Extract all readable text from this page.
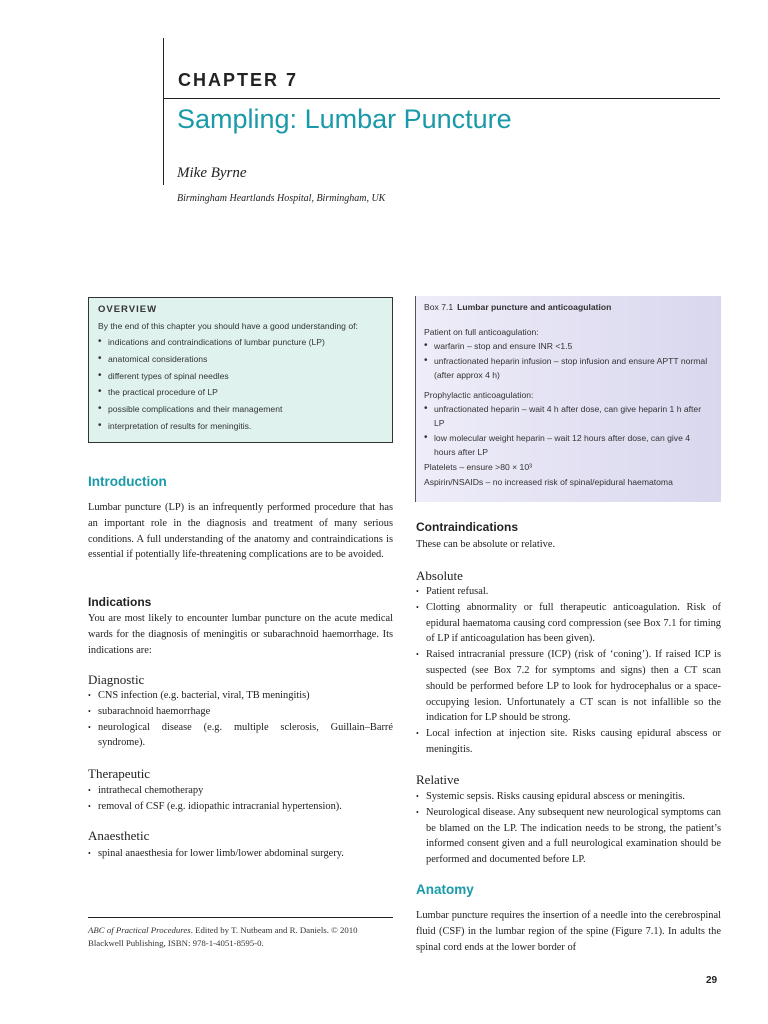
CHAPTER 7
Sampling: Lumbar Puncture
Mike Byrne
Birmingham Heartlands Hospital, Birmingham, UK
OVERVIEW
By the end of this chapter you should have a good understanding of:
• indications and contraindications of lumbar puncture (LP)
• anatomical considerations
• different types of spinal needles
• the practical procedure of LP
• possible complications and their management
• interpretation of results for meningitis.
Box 7.1 Lumbar puncture and anticoagulation
Patient on full anticoagulation:
• warfarin – stop and ensure INR <1.5
• unfractionated heparin infusion – stop infusion and ensure APTT normal (after approx 4 h)
Prophylactic anticoagulation:
• unfractionated heparin – wait 4 h after dose, can give heparin 1 h after LP
• low molecular weight heparin – wait 12 hours after dose, can give 4 hours after LP
Platelets – ensure >80 × 10³
Aspirin/NSAIDs – no increased risk of spinal/epidural haematoma
Introduction
Lumbar puncture (LP) is an infrequently performed procedure that has an important role in the diagnosis and treatment of many serious conditions. A full understanding of the anatomy and contraindications is essential if potentially life-threatening complications are to be avoided.
Indications
You are most likely to encounter lumbar puncture on the acute medical wards for the diagnosis of meningitis or subarachnoid haemorrhage. Its indications are:
Diagnostic
• CNS infection (e.g. bacterial, viral, TB meningitis)
• subarachnoid haemorrhage
• neurological disease (e.g. multiple sclerosis, Guillain–Barré syndrome).
Therapeutic
• intrathecal chemotherapy
• removal of CSF (e.g. idiopathic intracranial hypertension).
Anaesthetic
• spinal anaesthesia for lower limb/lower abdominal surgery.
ABC of Practical Procedures. Edited by T. Nutbeam and R. Daniels. © 2010 Blackwell Publishing, ISBN: 978-1-4051-8595-0.
Contraindications
These can be absolute or relative.
Absolute
• Patient refusal.
• Clotting abnormality or full therapeutic anticoagulation. Risk of epidural haematoma causing cord compression (see Box 7.1 for timing of LP if anticoagulation has been given).
• Raised intracranial pressure (ICP) (risk of ‘coning’). If raised ICP is suspected (see Box 7.2 for symptoms and signs) then a CT scan should be performed before LP to look for hydrocephalus or a space-occupying lesion. Unfortunately a CT scan is not infallible so the indication for LP should be strong.
• Local infection at injection site. Risks causing epidural abscess or meningitis.
Relative
• Systemic sepsis. Risks causing epidural abscess or meningitis.
• Neurological disease. Any subsequent new neurological symptoms can be blamed on the LP. The indication needs to be strong, the patient’s informed consent given and a full neurological examination should be performed and documented before LP.
Anatomy
Lumbar puncture requires the insertion of a needle into the cerebrospinal fluid (CSF) in the lumbar region of the spine (Figure 7.1). In adults the spinal cord ends at the lower border of
29
